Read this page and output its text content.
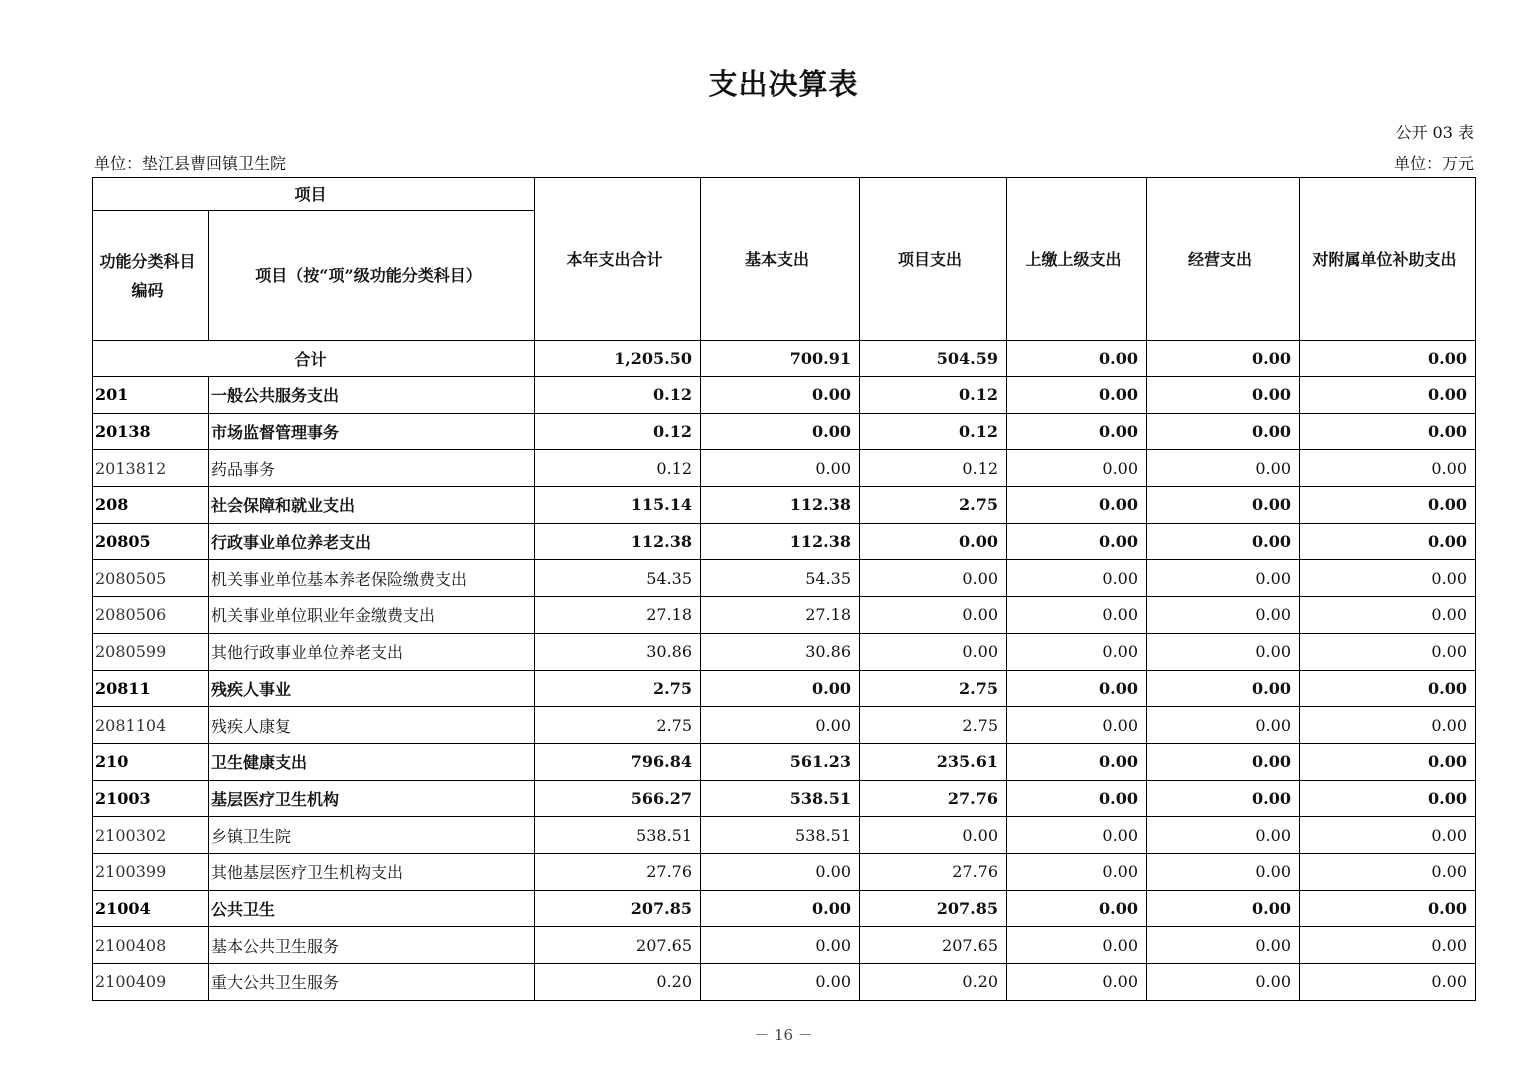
支出决算表
公开 03 表
单位：垫江县曹回镇卫生院	单位：万元
项目		本年支出合计	基本支出	项目支出	上缴上级支出	经营支出	对附属单位补助支出
功能分类科目编码	项目（按“项”级功能分类科目）						
合计		1,205.50	700.91	504.59	0.00	0.00	0.00
201	一般公共服务支出	0.12	0.00	0.12	0.00	0.00	0.00
20138	市场监督管理事务	0.12	0.00	0.12	0.00	0.00	0.00
2013812	药品事务	0.12	0.00	0.12	0.00	0.00	0.00
208	社会保障和就业支出	115.14	112.38	2.75	0.00	0.00	0.00
20805	行政事业单位养老支出	112.38	112.38	0.00	0.00	0.00	0.00
2080505	机关事业单位基本养老保险缴费支出	54.35	54.35	0.00	0.00	0.00	0.00
2080506	机关事业单位职业年金缴费支出	27.18	27.18	0.00	0.00	0.00	0.00
2080599	其他行政事业单位养老支出	30.86	30.86	0.00	0.00	0.00	0.00
20811	残疾人事业	2.75	0.00	2.75	0.00	0.00	0.00
2081104	残疾人康复	2.75	0.00	2.75	0.00	0.00	0.00
210	卫生健康支出	796.84	561.23	235.61	0.00	0.00	0.00
21003	基层医疗卫生机构	566.27	538.51	27.76	0.00	0.00	0.00
2100302	乡镇卫生院	538.51	538.51	0.00	0.00	0.00	0.00
2100399	其他基层医疗卫生机构支出	27.76	0.00	27.76	0.00	0.00	0.00
21004	公共卫生	207.85	0.00	207.85	0.00	0.00	0.00
2100408	基本公共卫生服务	207.65	0.00	207.65	0.00	0.00	0.00
2100409	重大公共卫生服务	0.20	0.00	0.20	0.00	0.00	0.00
－ 16 －
